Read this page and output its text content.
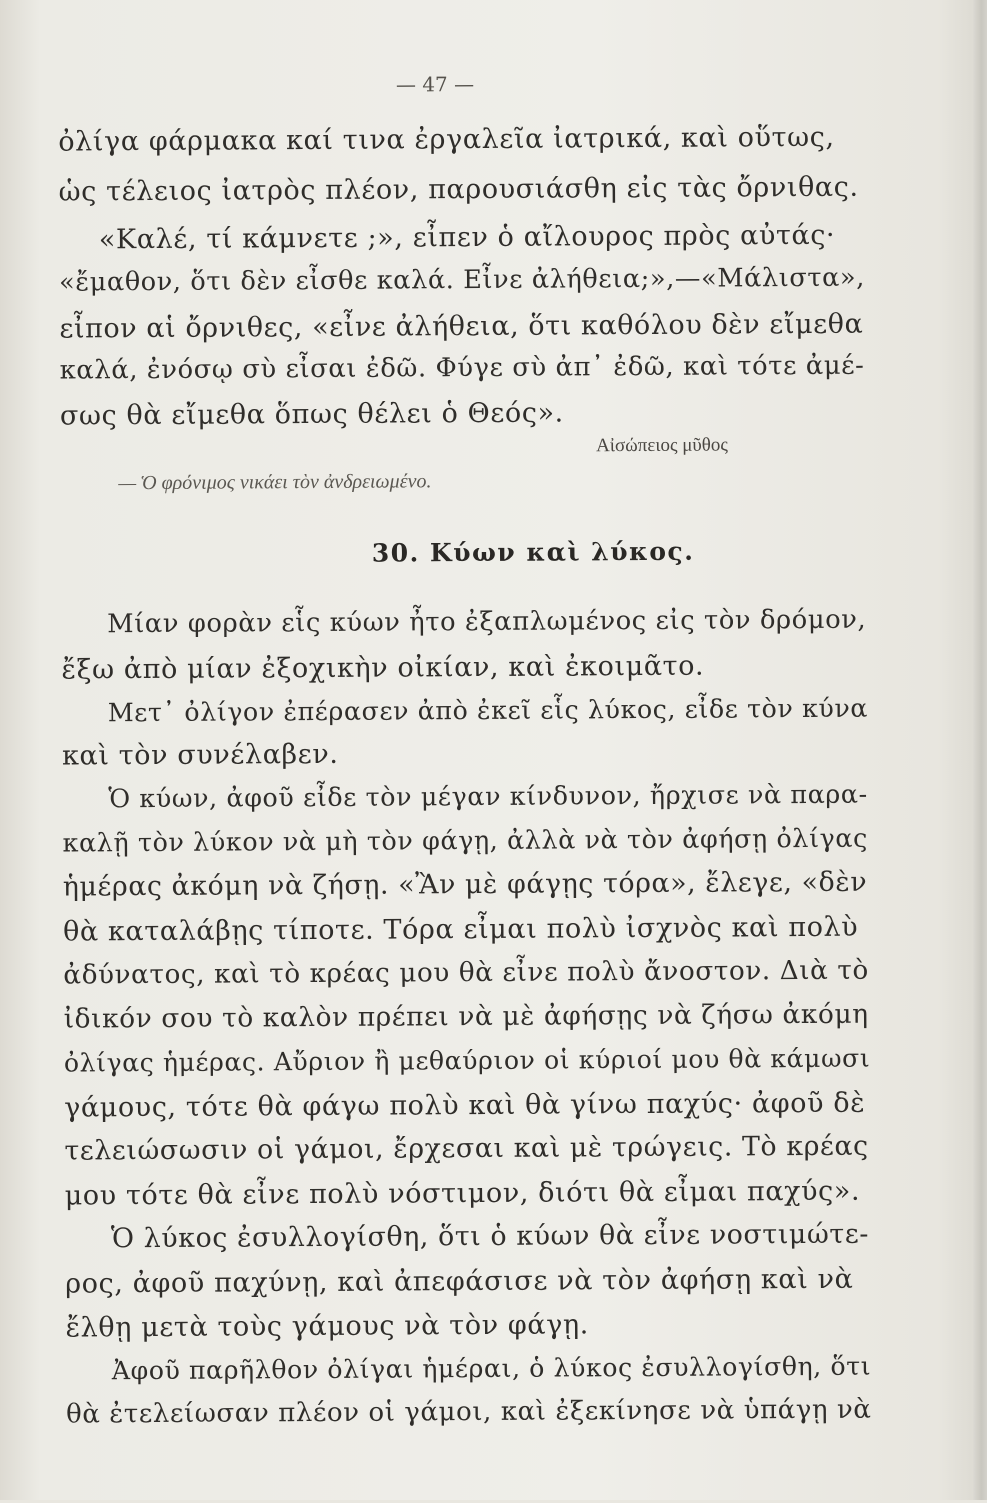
— 47 —
ὀλίγα φάρμακα καί τινα ἐργαλεῖα ἰατρικά, καὶ οὕτως,
ὡς τέλειος ἰατρὸς πλέον, παρουσιάσθη εἰς τὰς ὄρνιθας.
«Καλέ, τί κάμνετε ;», εἶπεν ὁ αἴλουρος πρὸς αὐτάς·
«ἔμαθον, ὅτι δὲν εἶσθε καλά. Εἶνε ἀλήθεια;»,—«Μάλιστα»,
εἶπον αἱ ὄρνιθες, «εἶνε ἀλήθεια, ὅτι καθόλου δὲν εἴμεθα
καλά, ἐνόσῳ σὺ εἶσαι ἐδῶ. Φύγε σὺ ἀπ᾽ ἐδῶ, καὶ τότε ἀμέ-
σως θὰ εἴμεθα ὅπως θέλει ὁ Θεός».
Αἰσώπειος μῦθος
— Ὁ φρόνιμος νικάει τὸν ἀνδρειωμένο.
30. Κύων καὶ λύκος.
Μίαν φορὰν εἷς κύων ἦτο ἐξαπλωμένος εἰς τὸν δρόμον,
ἔξω ἀπὸ μίαν ἐξοχικὴν οἰκίαν, καὶ ἐκοιμᾶτο.
Μετ᾽ ὀλίγον ἐπέρασεν ἀπὸ ἐκεῖ εἷς λύκος, εἶδε τὸν κύνα
καὶ τὸν συνέλαβεν.
Ὁ κύων, ἀφοῦ εἶδε τὸν μέγαν κίνδυνον, ἤρχισε νὰ παρα-
καλῇ τὸν λύκον νὰ μὴ τὸν φάγῃ, ἀλλὰ νὰ τὸν ἀφήσῃ ὀλίγας
ἡμέρας ἀκόμη νὰ ζήσῃ. «Ἂν μὲ φάγῃς τόρα», ἔλεγε, «δὲν
θὰ καταλάβῃς τίποτε. Τόρα εἶμαι πολὺ ἰσχνὸς καὶ πολὺ
ἀδύνατος, καὶ τὸ κρέας μου θὰ εἶνε πολὺ ἄνοστον. Διὰ τὸ
ἰδικόν σου τὸ καλὸν πρέπει νὰ μὲ ἀφήσῃς νὰ ζήσω ἀκόμη
ὀλίγας ἡμέρας. Αὔριον ἢ μεθαύριον οἱ κύριοί μου θὰ κάμωσι
γάμους, τότε θὰ φάγω πολὺ καὶ θὰ γίνω παχύς· ἀφοῦ δὲ
τελειώσωσιν οἱ γάμοι, ἔρχεσαι καὶ μὲ τρώγεις. Τὸ κρέας
μου τότε θὰ εἶνε πολὺ νόστιμον, διότι θὰ εἶμαι παχύς».
Ὁ λύκος ἐσυλλογίσθη, ὅτι ὁ κύων θὰ εἶνε νοστιμώτε-
ρος, ἀφοῦ παχύνῃ, καὶ ἀπεφάσισε νὰ τὸν ἀφήσῃ καὶ νὰ
ἔλθῃ μετὰ τοὺς γάμους νὰ τὸν φάγῃ.
Ἀφοῦ παρῆλθον ὀλίγαι ἡμέραι, ὁ λύκος ἐσυλλογίσθη, ὅτι
θὰ ἐτελείωσαν πλέον οἱ γάμοι, καὶ ἐξεκίνησε νὰ ὑπάγῃ νὰ
